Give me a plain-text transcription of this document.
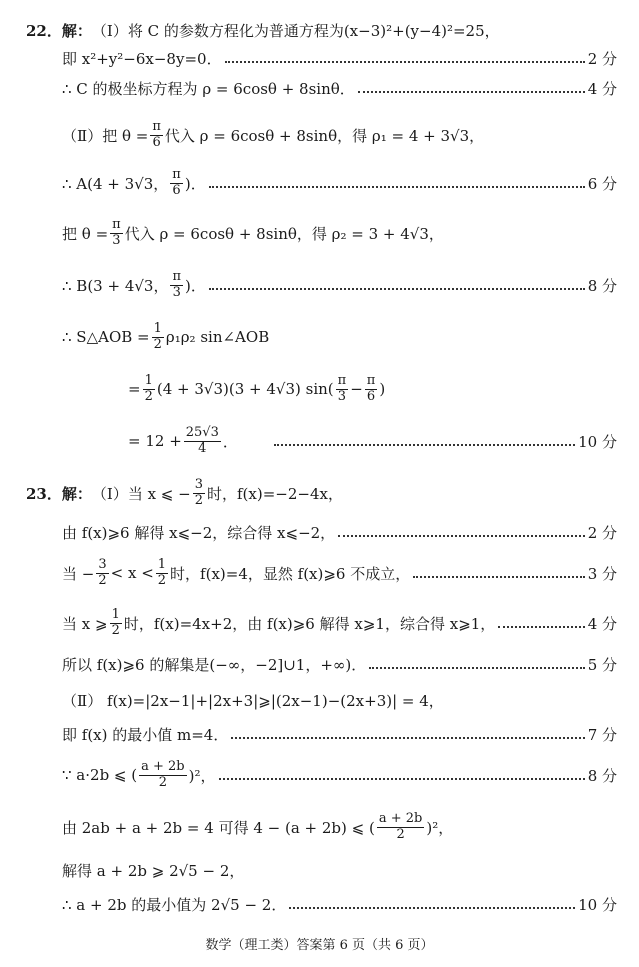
22． 解： （Ⅰ）将 C 的参数方程化为普通方程为(x−3)²+(y−4)²=25，
即 x²+y²−6x−8y=0．	2 分
∴ C 的极坐标方程为 ρ = 6cosθ + 8sinθ．	4 分
（Ⅱ）把 $\theta = \frac{\pi}{6}$ 代入 ρ = 6cosθ + 8sinθ，得 ρ₁ = 4 + 3√3，
∴ A(4 + 3√3， $\frac{\pi}{6}$ )．	6 分
把 $\theta = \frac{\pi}{3}$ 代入 ρ = 6cosθ + 8sinθ，得 ρ₂ = 3 + 4√3，
∴ B(3 + 4√3， $\frac{\pi}{3}$ )．	8 分
∴ S△AOB = $\frac{1}{2} \rho_1\rho_2$ sin∠AOB
= $\frac{1}{2} (4 + 3√3)(3 + 4√3)$ $\sin( \frac{\pi}{3} - \frac{\pi}{6}$ )
= $12 + \frac{25√3}{4}$ ．	10 分
23． 解： （Ⅰ）当 x ⩽ − $\frac{3}{2}$ 时，f(x)=−2−4x，
由 f(x)⩾6 解得 x⩽−2，综合得 x⩽−2，	2 分
当 − $\frac{3}{2} < x < \frac{1}{2}$ 时，f(x)=4，显然 f(x)⩾6 不成立，	3 分
当 x ⩾ $\frac{1}{2}$ 时，f(x)=4x+2，由 f(x)⩾6 解得 x⩾1，综合得 x⩾1，	4 分
所以 f(x)⩾6 的解集是(−∞，−2]∪1，+∞)．	5 分
（Ⅱ） f(x)=|2x−1|+|2x+3|⩾|(2x−1)−(2x+3)| = 4，
即 f(x) 的最小值 m=4．	7 分
∵ a·2b ⩽ ( $\frac{a + 2b}{2} )^2$，	8 分
由 2ab + a + 2b = 4 可得 4 − (a + 2b) ⩽ ( $\frac{a + 2b}{2} )^2$，
解得 a + 2b ⩾ 2√5 − 2，
∴ a + 2b 的最小值为 2√5 − 2．	10 分
数学（理工类）答案第 6 页（共 6 页）
